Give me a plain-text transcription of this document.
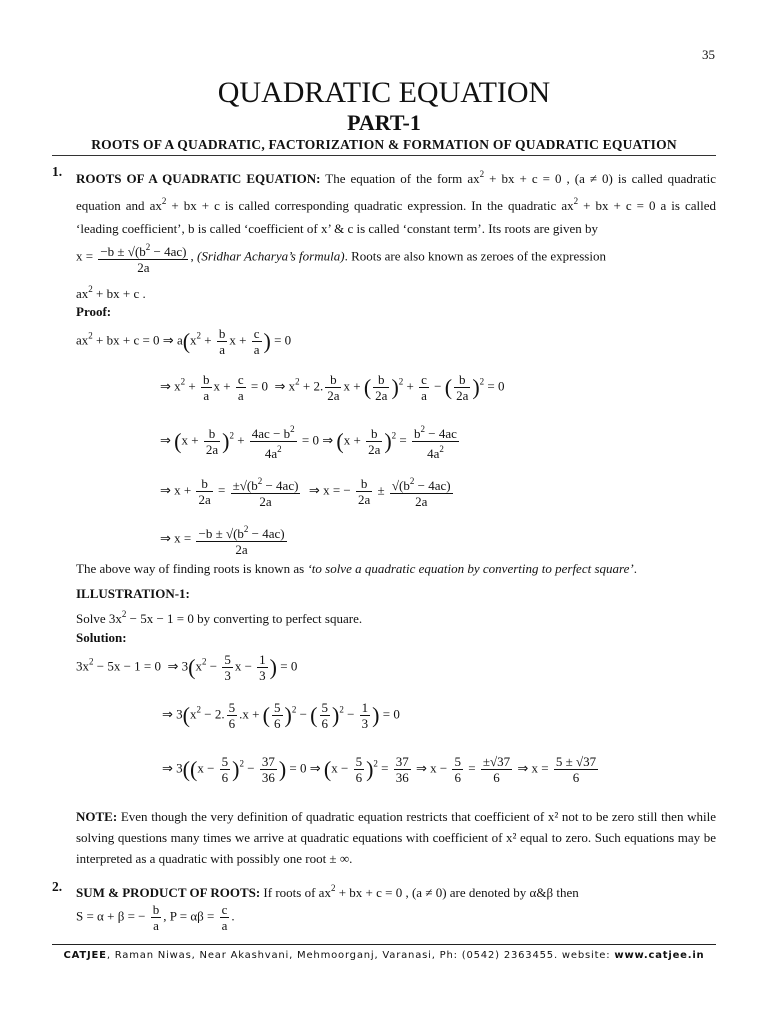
35
QUADRATIC EQUATION
PART-1
ROOTS OF A QUADRATIC, FACTORIZATION & FORMATION OF QUADRATIC EQUATION
1. ROOTS OF A QUADRATIC EQUATION: The equation of the form $ax^2$ + bx + c = 0 , (a ≠ 0) is called quadratic equation and $ax^2$ + bx + c is called corresponding quadratic expression. In the quadratic $ax^2$ + bx + c = 0 a is called ‘leading coefficient’, b is called ‘coefficient of x’ & c is called ‘constant term’. Its roots are given by
$x = \frac{-b \pm √(b^2 - 4ac)}{2a}$ , (Sridhar Acharya’s formula). Roots are also known as zeroes of the expression
$ax^2$ + bx + c .
Proof:
$ax^2$ + bx + c = 0 ⇒ $a(x^2 + \frac{b}{a}$ $x + \frac{c}{a}$ ) = 0
⇒ $x^2 + \frac{b}{a}$ $x + \frac{c}{a} = 0$  ⇒ $x^2 + 2$. $\frac{b}{2a}$ x + ( $\frac{b}{2a} )^2 + \frac{c}{a}$ − ( $\frac{b}{2a} )^2 = 0$
⇒ $(x + \frac{b}{2a} )^2 + \frac{4ac - b^2}{4a^2} = 0$ ⇒ $(x + \frac{b}{2a} )^2 = \frac{b^2 - 4ac}{4a^2}$
⇒ $x + \frac{b}{2a} = \frac{\pm√(b^2 - 4ac)}{2a}$ ⇒ x = − $\frac{b}{2a} \pm \frac{√(b^2 - 4ac)}{2a}$
⇒ $x = \frac{-b \pm √(b^2 - 4ac)}{2a}$
The above way of finding roots is known as ‘to solve a quadratic equation by converting to perfect square’.
ILLUSTRATION-1:
Solve $3x^2 - 5x - 1 = 0$ by converting to perfect square.
Solution:
$3x^2 - 5x - 1 = 0$  ⇒ $3(x^2 - \frac{5}{3}$ $x - \frac{1}{3}$ ) = 0
⇒ $3(x^2 - 2$. $\frac{5}{6} .x$ + ( $\frac{5}{6} )^2$ − ( $\frac{5}{6} )^2 - \frac{1}{3}$ ) = 0
⇒ $3((x - \frac{5}{6} )^2 - \frac{37}{36}$ ) = 0 ⇒ $(x - \frac{5}{6} )^2 = \frac{37}{36}$ ⇒ $x - \frac{5}{6} = \frac{\pm√37}{6}$ ⇒ $x = \frac{5 \pm √37}{6}$
NOTE: Even though the very definition of quadratic equation restricts that coefficient of x² not to be zero still then while solving questions many times we arrive at quadratic equations with coefficient of x² equal to zero. Such equations may be interpreted as a quadratic with possibly one root ± ∞.
2. SUM & PRODUCT OF ROOTS: If roots of $ax^2$ + bx + c = 0 , (a ≠ 0) are denoted by α&β then
S = α + β = − $\frac{b}{a}$ , $P = \alpha\beta = \frac{c}{a}$ .
CATJEE, Raman Niwas, Near Akashvani, Mehmoorganj, Varanasi, Ph: (0542) 2363455. website: www.catjee.in
